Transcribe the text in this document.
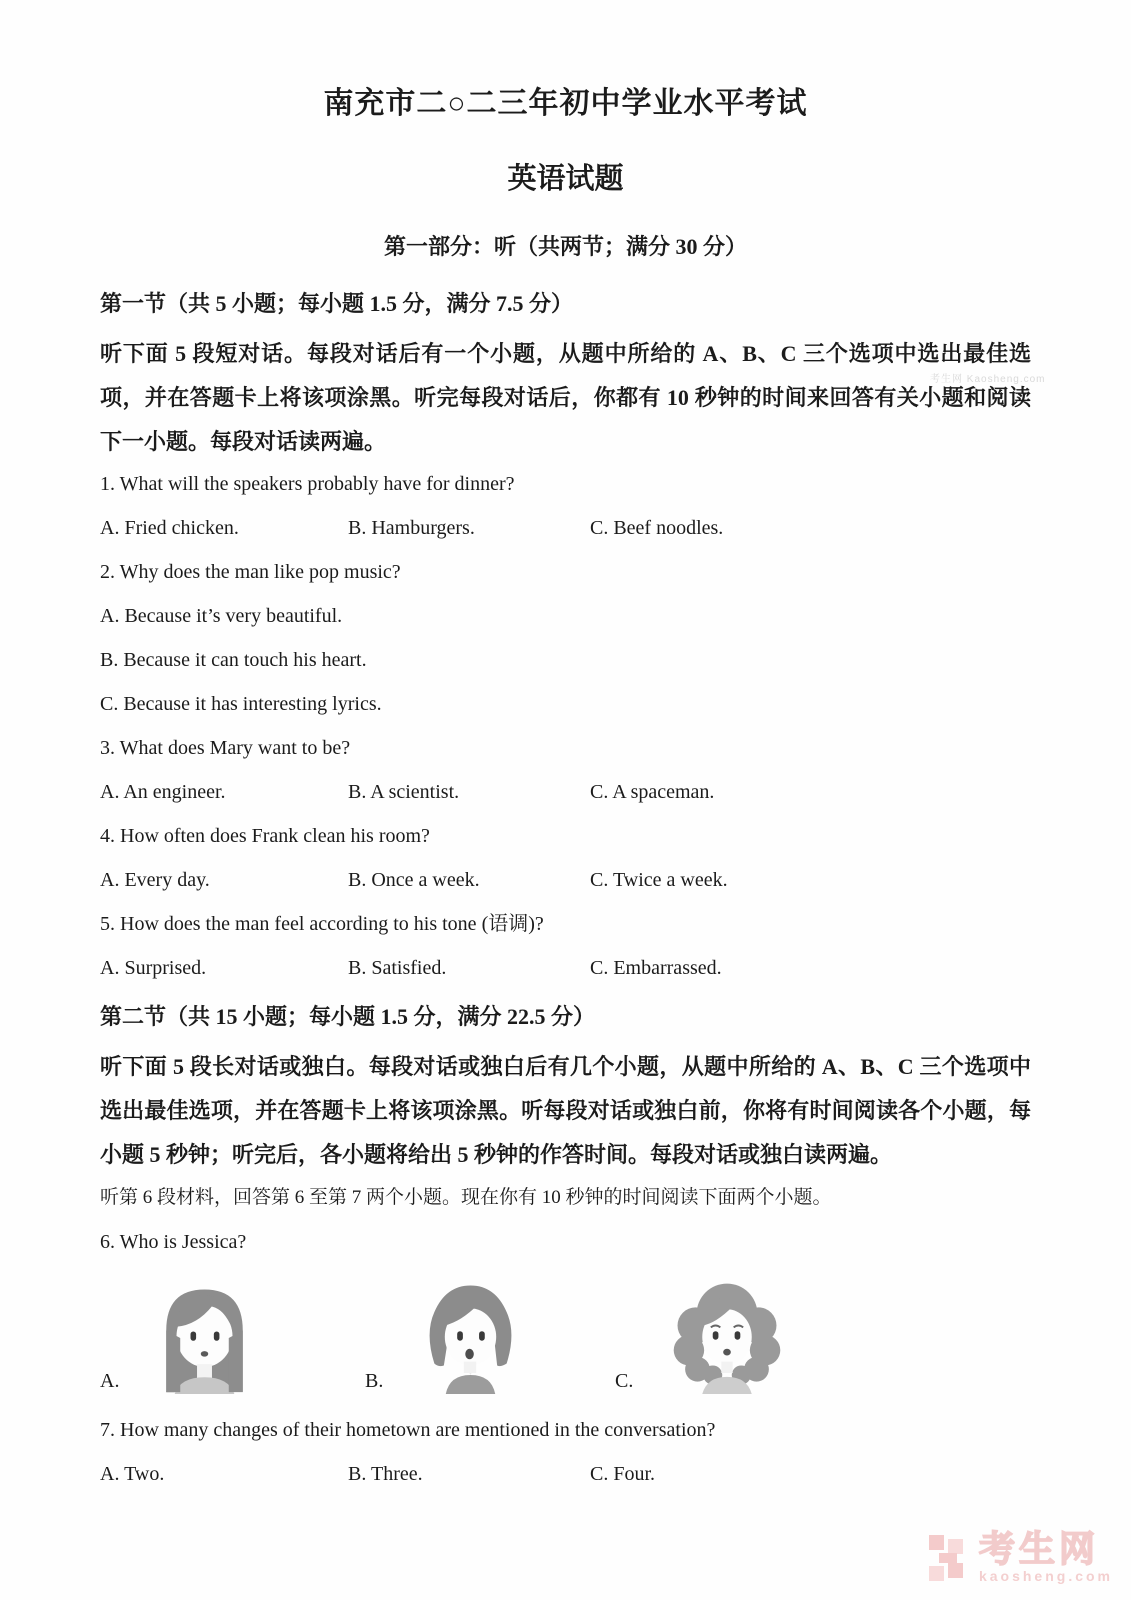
考生网 Kaosheng.com
南充市二○二三年初中学业水平考试
英语试题
第一部分：听（共两节；满分 30 分）

第一节（共 5 小题；每小题 1.5 分，满分 7.5 分）

听下面 5 段短对话。每段对话后有一个小题，从题中所给的 A、B、C 三个选项中选出最佳选项，并在答题卡上将该项涂黑。听完每段对话后，你都有 10 秒钟的时间来回答有关小题和阅读下一小题。每段对话读两遍。

1. What will the speakers probably have for dinner?

A. Fried chicken.	B. Hamburgers.	C. Beef noodles.

2. Why does the man like pop music?

A. Because it’s very beautiful.

B. Because it can touch his heart.

C. Because it has interesting lyrics.

3. What does Mary want to be?

A. An engineer.	B. A scientist.	C. A spaceman.

4. How often does Frank clean his room?

A. Every day.	B. Once a week.	C. Twice a week.

5. How does the man feel according to his tone (语调)?

A. Surprised.	B. Satisfied.	C. Embarrassed.

第二节（共 15 小题；每小题 1.5 分，满分 22.5 分）

听下面 5 段长对话或独白。每段对话或独白后有几个小题，从题中所给的 A、B、C 三个选项中选出最佳选项，并在答题卡上将该项涂黑。听每段对话或独白前，你将有时间阅读各个小题，每小题 5 秒钟；听完后，各小题将给出 5 秒钟的作答时间。每段对话或独白读两遍。

听第 6 段材料，回答第 6 至第 7 两个小题。现在你有 10 秒钟的时间阅读下面两个小题。

6. Who is Jessica?

A.	B.	C.

7. How many changes of their hometown are mentioned in the conversation?

A. Two.	B. Three.	C. Four.

考生网
kaosheng.com
